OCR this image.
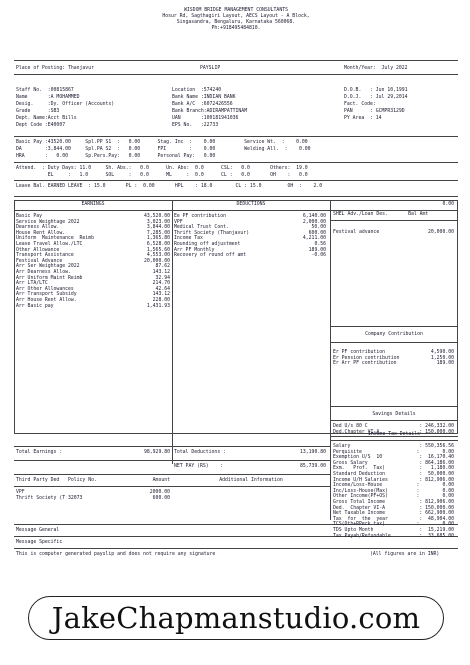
WISDOM BRIDGE MANAGEMENT CONSULTANTS
Hosur Rd, Sagthagiri Layout, AECS Layout - A Block,
Singasandra, Bengaluru, Karnataka 560068.
Ph:+918495484810.
Place of Posting: Thanjavur	PAYSLIP	Month/Year:  July 2022
Leave Bal. EARNED LEAVE  : 15.0       PL :  0.00       HPL    : 18.0        CL : 15.0         OH  :    2.0
EARNINGS	DEDUCTIONS	0.00
SHEL Adv./Loan Des.       Bal Amt
Company Contribution
Savings Details
Income Tax Details
Total Earnings :	98,929.80 Total Deductions :	13,190.80
NET PAY (RS)    :	85,739.00
Third Party Ded   Policy No.	Amount	Additional Information
Message General
Message Specific
This is computer generated payslip and does not require any signature	(All figures are in INR)
Staff No.  :00815867	Location  :574240	D.O.B.   : Jun 10,1991
Name       :A MOHAMMED	Bank Name :INDIAN BANK	D.O.J.   : Jul 29,2014
Desig.     :Dy. Officer (Accounts)	Bank A/C  :6072426556	Fact. Code:
Grade      :SB3	Bank Branch:ADIRAMPATTINAM	PAN      : GCMPR3129D
Dept. Name:Acct Bills	UAN       :100181941036	PY Area  : 14
Dept Code :E40007	EPS No.   :22733
Basic Pay :43520.00     Spl.PP S1  :   0.00      Stag. Inc  :    0.00          Service Wt.  :    0.00
DA        :3,844.00     Spl.PA S2  :   0.00      FPI        :    0.00          Welding All.  :    0.00
HRA       :   0.00      Sp.Pers.Pay:   0.00      Personal Pay:   0.00
Attend.  : Duty Days: 11.0     Sh. Abs.:   0.0      Un. Abs:  0.0      CSL:   0.0       Others:  19.0
EL     :   1.0      SOL     :   0.0      ML     :  0.0      CL :   0.0       OH    :   0.0
Basic Pay	43,520.00
Service Weightage 2022	3,023.00
Dearness Allow.	3,844.00
House Rent Allow.	7,285.00
Uniform  Maintenance  Reimb	1,365.80
Leave Travel Allow./LTC	6,528.00
Other Allowance	1,565.60
Transport Assistance	4,553.00
Festival Advance	20,000.00
Arr Ser Weightage 2022	87.62
Arr Dearness Allow.	143.12
Arr Uniform Maint Reimb	32.94
Arr LTA/LTC	214.70
Arr Other Allowances	42.64
Arr Transport Subsidy	143.12
Arr House Rent Allow.	228.00
Arr Basic pay	1,431.93
Ee PF contribution	6,140.00
VPF	2,000.00
Medical Trust Cont.	50.00
Thrift Society (Thanjavur)	600.00
Income Tax	4,211.00
Rounding off adjustment	0.56
Arr PF Monthly	189.00
Recovery of round off amt	-0.06
Festival advance	20,000.00
Er PF contribution	4,590.00
Er Pension contribution	1,250.00
Er Arr PF contribution	189.00
Ded U/s 80 C	: 246,332.00
Ded.Chapter VI-A	: 150,000.00
Salary	: 550,356.56
Perquisite	:        0.00
Exemption U/S  10	:  16,170.40
Gross Salary	: 864,186.00
Exm.   Prof.  Tax)	:   1,180.00
Standard Deduction	:  50,000.00
Income U/H Salaries	: 812,906.00
Income/Loss-House	:        0.00
Inc/Loss-House(Max)	:        0.00
Other Income(PF+OS)	:        0.00
Gross Total Income	: 812,906.00
Ded.  Chapter VI-A	: 150,000.00
Net Taxable Income	: 662,900.00
Tax  for  the  year	:  48,904.00
TCS(Oth+RPerk tax)	:        0.00
TDS Upto Month	:  15,219.00
Tax Payab/Refundable	:  33,685.00
VPF	2000.00
Thrift Society (T 32073	600.00
JakeChapmanstudio.com
